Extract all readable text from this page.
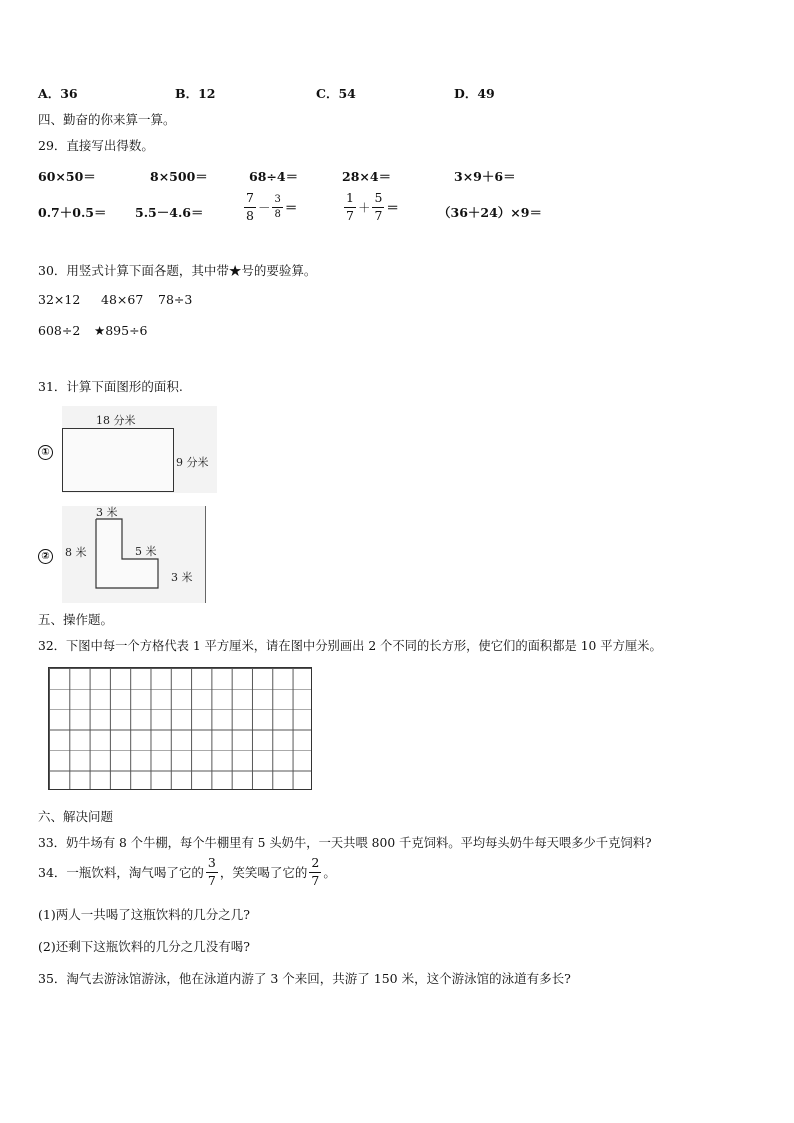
A．36	B．12	C．54	D．49
四、勤奋的你来算一算。
29．直接写出得数。
60×50＝	8×500＝	68÷4＝	28×4＝	3×9＋6＝
0.7＋0.5＝ 5.5－4.6＝	$\frac{7}{8} - \frac{3}{8}$ ＝	$\frac{1}{7} + \frac{5}{7}$ ＝	（36＋24）×9＝
30．用竖式计算下面各题，其中带★号的要验算。
32×12 48×67 78÷3
608÷2 ★895÷6
31．计算下面图形的面积.
①
18 分米
9 分米
②
3 米
8 米	5 米
3 米
五、操作题。
32．下图中每一个方格代表 1 平方厘米，请在图中分别画出 2 个不同的长方形，使它们的面积都是 10 平方厘米。
六、解决问题
33．奶牛场有 8 个牛棚，每个牛棚里有 5 头奶牛，一天共喂 800 千克饲料。平均每头奶牛每天喂多少千克饲料?
34．一瓶饮料，淘气喝了它的 $\frac{3}{7}$ ，笑笑喝了它的 $\frac{2}{7}$ 。
(1)两人一共喝了这瓶饮料的几分之几?
(2)还剩下这瓶饮料的几分之几没有喝?
35．淘气去游泳馆游泳，他在泳道内游了 3 个来回，共游了 150 米，这个游泳馆的泳道有多长?
